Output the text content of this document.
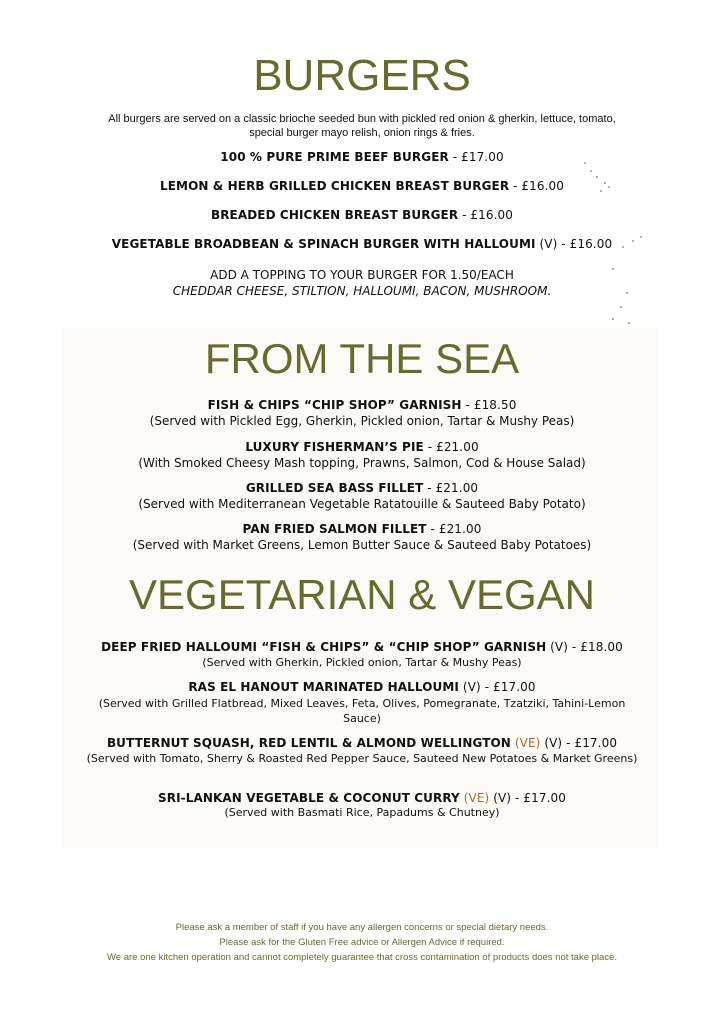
BURGERS
All burgers are served on a classic brioche seeded bun with pickled red onion & gherkin, lettuce, tomato, special burger mayo relish, onion rings & fries.
100 % PURE PRIME BEEF BURGER - £17.00
LEMON & HERB GRILLED CHICKEN BREAST BURGER - £16.00
BREADED CHICKEN BREAST BURGER - £16.00
VEGETABLE BROADBEAN & SPINACH BURGER WITH HALLOUMI (V) - £16.00
ADD A TOPPING TO YOUR BURGER FOR 1.50/EACH
CHEDDAR CHEESE, STILTION, HALLOUMI, BACON, MUSHROOM.
FROM THE SEA
FISH & CHIPS “CHIP SHOP” GARNISH - £18.50
(Served with Pickled Egg, Gherkin, Pickled onion, Tartar & Mushy Peas)
LUXURY FISHERMAN’S PIE - £21.00
(With Smoked Cheesy Mash topping, Prawns, Salmon, Cod & House Salad)
GRILLED SEA BASS FILLET - £21.00
(Served with Mediterranean Vegetable Ratatouille & Sauteed Baby Potato)
PAN FRIED SALMON FILLET - £21.00
(Served with Market Greens, Lemon Butter Sauce & Sauteed Baby Potatoes)
VEGETARIAN & VEGAN
DEEP FRIED HALLOUMI “FISH & CHIPS” & “CHIP SHOP” GARNISH (V) - £18.00
(Served with Gherkin, Pickled onion, Tartar & Mushy Peas)
RAS EL HANOUT MARINATED HALLOUMI (V) - £17.00
(Served with Grilled Flatbread, Mixed Leaves, Feta, Olives, Pomegranate, Tzatziki, Tahini-Lemon Sauce)
BUTTERNUT SQUASH, RED LENTIL & ALMOND WELLINGTON (VE) (V) - £17.00
(Served with Tomato, Sherry & Roasted Red Pepper Sauce, Sauteed New Potatoes & Market Greens)
SRI-LANKAN VEGETABLE & COCONUT CURRY (VE) (V) - £17.00
(Served with Basmati Rice, Papadums & Chutney)
Please ask a member of staff if you have any allergen concerns or special dietary needs.
Please ask for the Gluten Free advice or Allergen Advice if required.
We are one kitchen operation and cannot completely guarantee that cross contamination of products does not take place.
